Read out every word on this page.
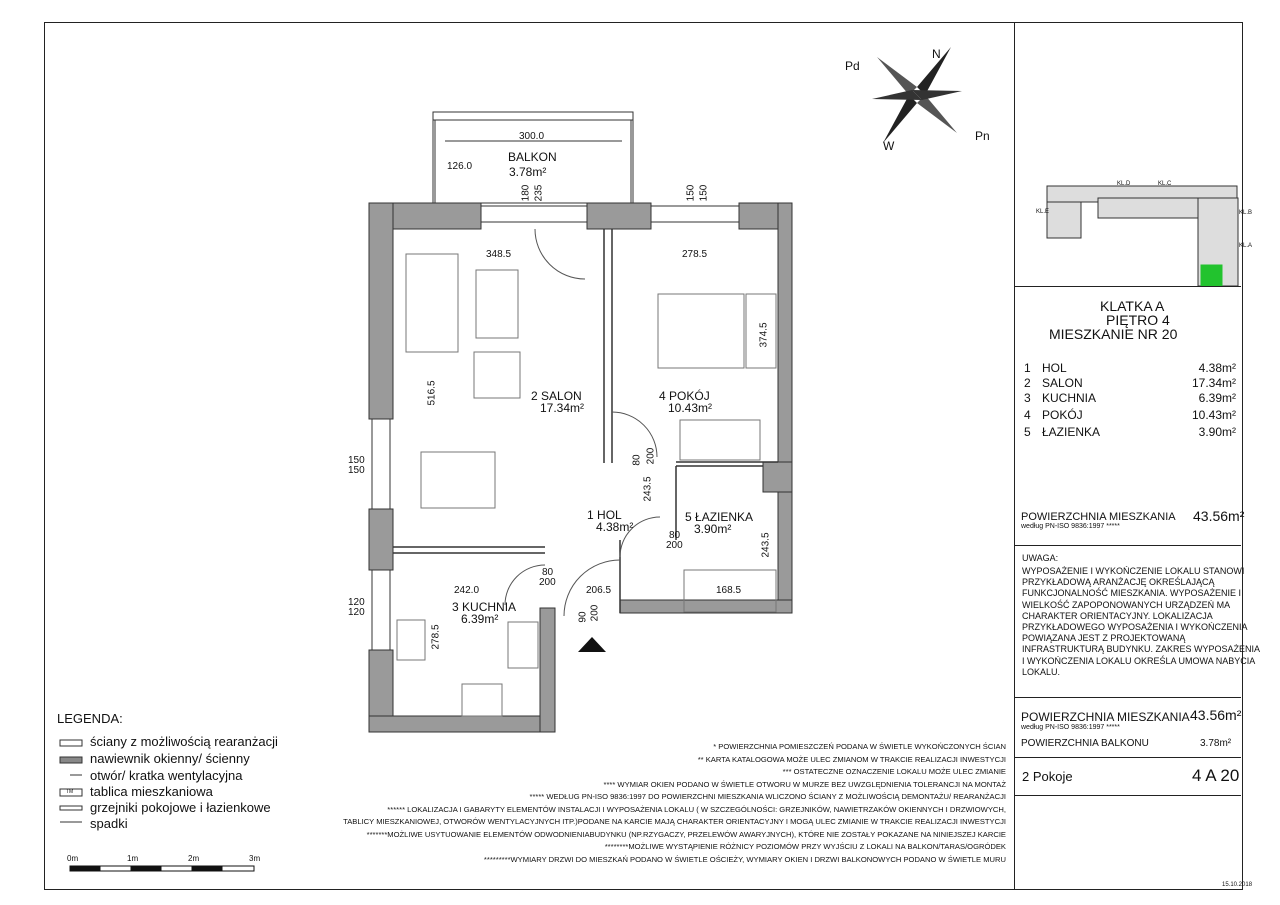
N
Pn
W
Pd
300.0
126.0
BALKON
3.78m²
2 SALON
17.34m²
4 POKÓJ
10.43m²
1 HOL
4.38m²
5 ŁAZIENKA
3.90m²
3 KUCHNIA
6.39m²
348.5	278.5
516.5
374.5
243.5
243.5
242.0	206.5	168.5
278.5
180 235	150 150
150
150
120
120
80 200
80
200
80
200
90 200
KL.D	KL.C
KL.E	KL.B
KL.A
KLATKA A
PIĘTRO 4
MIESZKANIE NR 20
1 HOL	4.38m²
2 SALON	17.34m²
3 KUCHNIA	6.39m²
4 POKÓJ	10.43m²
5 ŁAZIENKA	3.90m²
POWIERZCHNIA MIESZKANIA
według PN-ISO 9836:1997 *****
43.56m²
UWAGA:
WYPOSAŻENIE I WYKOŃCZENIE LOKALU STANOWI
PRZYKŁADOWĄ ARANŻACJĘ OKREŚLAJĄCĄ
FUNKCJONALNOŚĆ MIESZKANIA. WYPOSAŻENIE I
WIELKOŚĆ ZAPOPONOWANYCH URZĄDZEŃ MA
CHARAKTER ORIENTACYJNY. LOKALIZACJA
PRZYKŁADOWEGO WYPOSAŻENIA I WYKOŃCZENIA
POWIĄZANA JEST Z PROJEKTOWANĄ
INFRASTRUKTURĄ BUDYNKU. ZAKRES WYPOSAŻENIA
I WYKOŃCZENIA LOKALU OKREŚLA UMOWA NABYCIA
LOKALU.
POWIERZCHNIA MIESZKANIA 43.56m²
według PN-ISO 9836:1997 *****
POWIERZCHNIA BALKONU	3.78m²
2 Pokoje	4 A 20
15.10.2018
LEGENDA:
ściany z możliwością rearanżacji
nawiewnik okienny/ ścienny
otwór/ kratka wentylacyjna
tablica mieszkaniowa
grzejniki pokojowe i łazienkowe
spadki
TM
0m	1m	2m	3m
* POWIERZCHNIA POMIESZCZEŃ PODANA W ŚWIETLE WYKOŃCZONYCH ŚCIAN
** KARTA KATALOGOWA MOŻE ULEC ZMIANOM W TRAKCIE REALIZACJI INWESTYCJI
*** OSTATECZNE OZNACZENIE LOKALU MOŻE ULEC ZMIANIE
**** WYMIAR OKIEN PODANO W ŚWIETLE OTWORU W MURZE BEZ UWZGLĘDNIENIA TOLERANCJI NA MONTAŻ
***** WEDŁUG PN-ISO 9836:1997 DO POWIERZCHNI MIESZKANIA WLICZONO ŚCIANY Z MOŻLIWOŚCIĄ DEMONTAŻU/ REARANŻACJI
****** LOKALIZACJA I GABARYTY ELEMENTÓW INSTALACJI I WYPOSAŻENIA LOKALU ( W SZCZEGÓLNOŚCI: GRZEJNIKÓW, NAWIETRZAKÓW OKIENNYCH I DRZWIOWYCH,
TABLICY MIESZKANIOWEJ, OTWORÓW WENTYLACYJNYCH ITP.)PODANE NA KARCIE MAJĄ CHARAKTER ORIENTACYJNY I MOGĄ ULEC ZMIANIE W TRAKCIE REALIZACJI INWESTYCJI
*******MOŻLIWE USYTUOWANIE ELEMENTÓW ODWODNIENIABUDYNKU (NP.RZYGACZY, PRZELEWÓW AWARYJNYCH), KTÓRE NIE ZOSTAŁY POKAZANE NA NINIEJSZEJ KARCIE
********MOŻLIWE WYSTĄPIENIE RÓŻNICY POZIOMÓW PRZY WYJŚCIU Z LOKALI NA BALKON/TARAS/OGRÓDEK
*********WYMIARY DRZWI DO MIESZKAŃ PODANO W ŚWIETLE OŚCIEŻY, WYMIARY OKIEN I DRZWI BALKONOWYCH PODANO W ŚWIETLE MURU
